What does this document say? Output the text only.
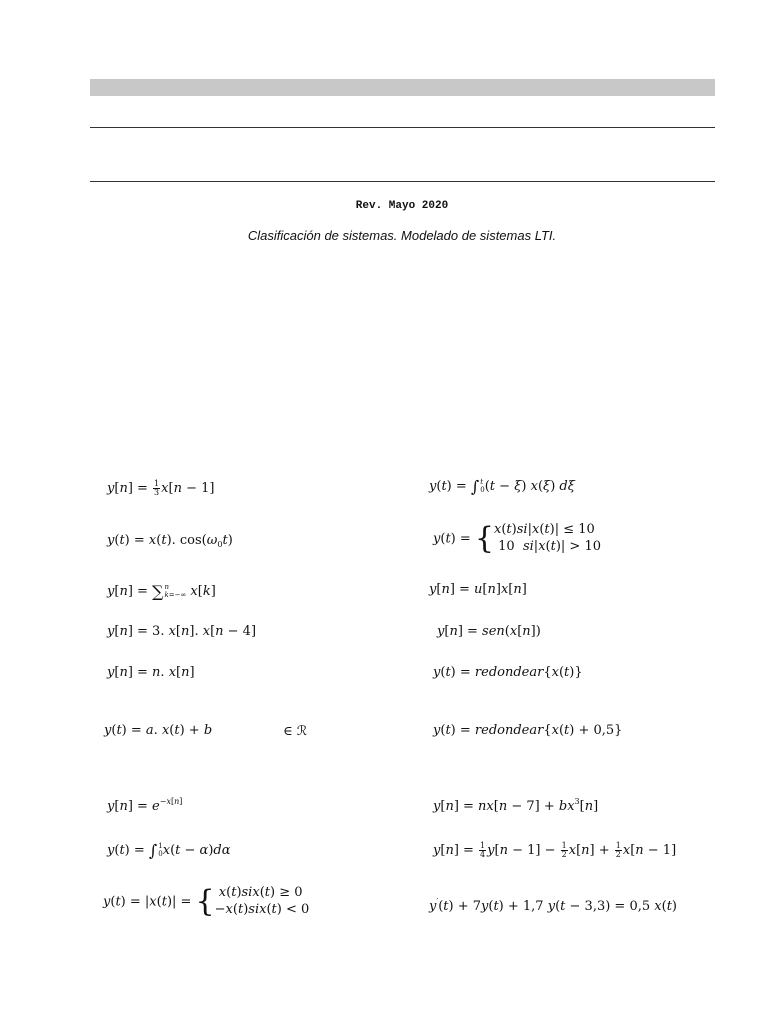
Rev. Mayo 2020
Clasificación de sistemas. Modelado de sistemas LTI.
$y[n] = \frac{1}{3} x[n - 1]$
y(t) = x(t). $\cos(\omega_0t)$
y[n] = ∑ n
k=−∞ x[k]
y[n] = 3. x[n]. x[n − 4]
y[n] = n. x[n]
y(t) = a. x(t) + b	∈ ℛ
$y[n] = e^{-x[n]}$
y(t) = ∫ 1
0 x(t − α)dα
y(t) = |x(t)| = { x(t)six(t) ≥ 0
−x(t)six(t) < 0
y(t) = ∫ t
0 (t − ξ) x(ξ) dξ
y(t) = { x(t)si|x(t)| ≤ 10
10  si|x(t)| > 10
y[n] = u[n]x[n]
y[n] = sen(x[n])
y(t) = redondear{x(t)}
y(t) = redondear{x(t) + 0,5}
$y[n] = nx[n - 7] + bx^3[n]$
$y[n] = \frac{1}{4} y[n - 1] - \frac{1}{2} x[n] + \frac{1}{2} x[n - 1]$
y′(t) + 7y(t) + 1,7 y(t − 3,3) = 0,5 x(t)
